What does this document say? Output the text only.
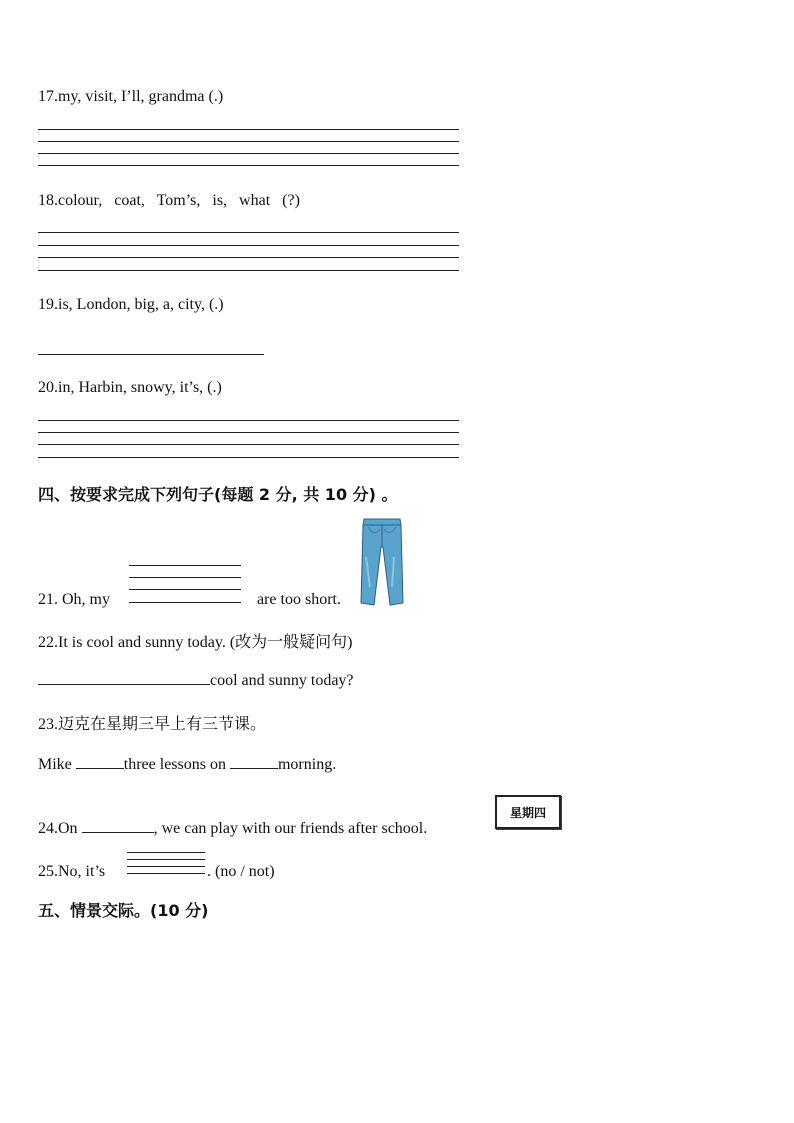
17.my, visit, I’ll, grandma (.)
18.colour,   coat,   Tom’s,   is,   what   (?)
19.is, London, big, a, city, (.)
20.in, Harbin, snowy, it’s, (.)
四、按要求完成下列句子(每题 2 分, 共 10 分) 。
21. Oh, my	are too short.
22.It is cool and sunny today. (改为一般疑问句)
cool and sunny today?
23.迈克在星期三早上有三节课。
Mike	three lessons on	morning.
24.On	, we can play with our friends after school.
星期四
25.No, it’s	. (no / not)
五、情景交际。(10 分)
